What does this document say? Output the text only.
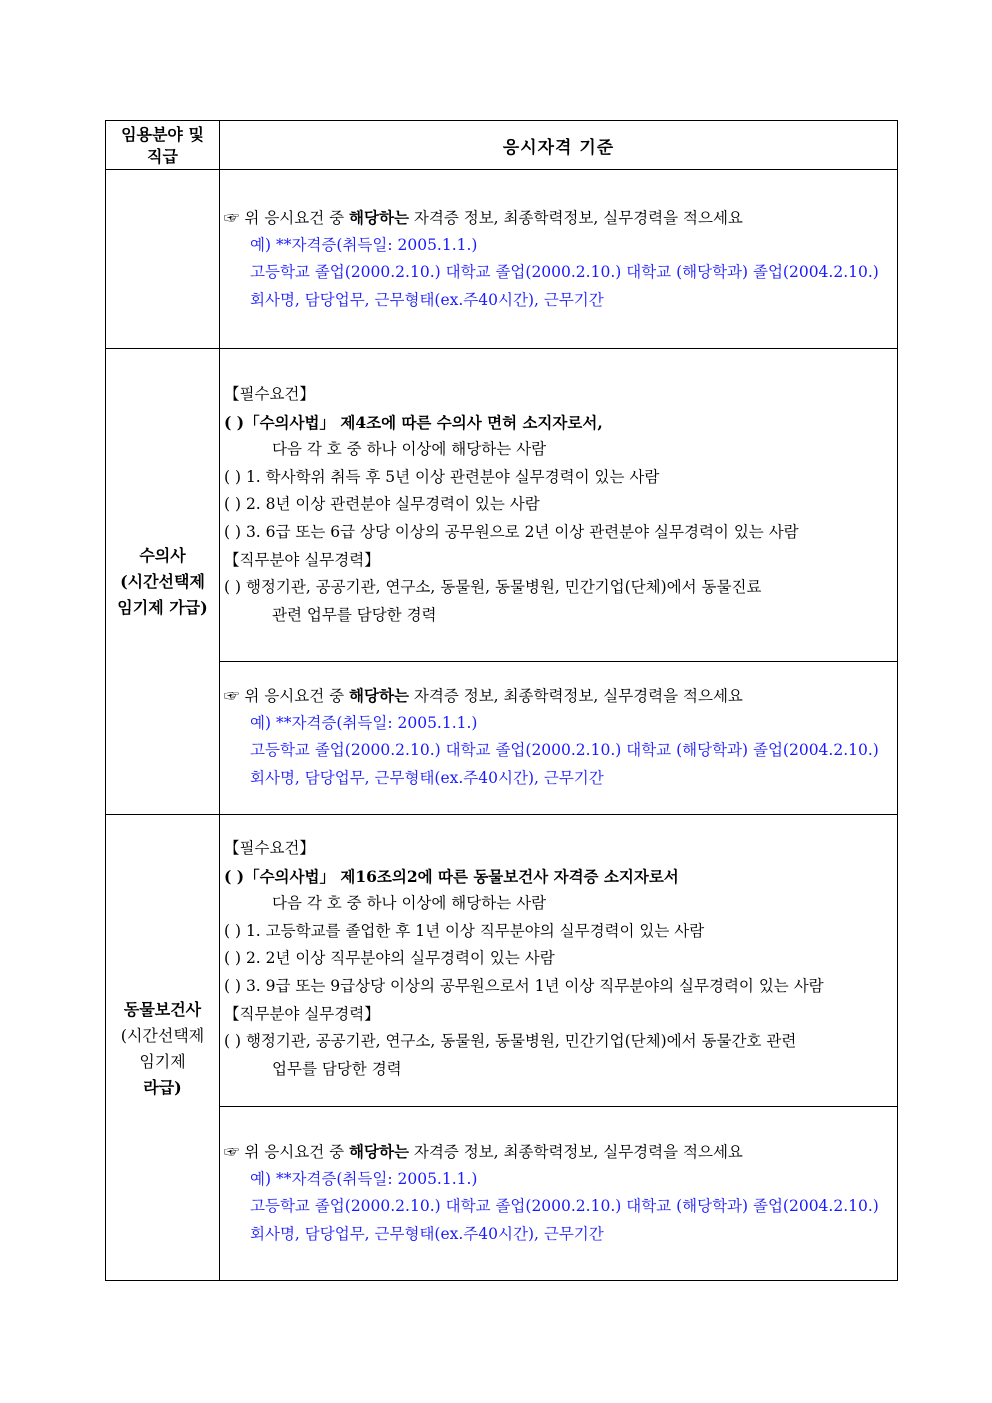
임용분야 및
직급	응시자격 기준
☞ 위 응시요건 중 해당하는 자격증 정보, 최종학력정보, 실무경력을 적으세요
예) **자격증(취득일: 2005.1.1.)
고등학교 졸업(2000.2.10.) 대학교 졸업(2000.2.10.) 대학교 (해당학과) 졸업(2004.2.10.)
회사명, 담당업무, 근무형태(ex.주40시간), 근무기간
수의사
(시간선택제
임기제 가급)
【필수요건】
( )「수의사법」 제4조에 따른 수의사 면허 소지자로서,
다음 각 호 중 하나 이상에 해당하는 사람
( ) 1. 학사학위 취득 후 5년 이상 관련분야 실무경력이 있는 사람
( ) 2. 8년 이상 관련분야 실무경력이 있는 사람
( ) 3. 6급 또는 6급 상당 이상의 공무원으로 2년 이상 관련분야 실무경력이 있는 사람
【직무분야 실무경력】
( ) 행정기관, 공공기관, 연구소, 동물원, 동물병원, 민간기업(단체)에서 동물진료
관련 업무를 담당한 경력
☞ 위 응시요건 중 해당하는 자격증 정보, 최종학력정보, 실무경력을 적으세요
예) **자격증(취득일: 2005.1.1.)
고등학교 졸업(2000.2.10.) 대학교 졸업(2000.2.10.) 대학교 (해당학과) 졸업(2004.2.10.)
회사명, 담당업무, 근무형태(ex.주40시간), 근무기간
동물보건사
(시간선택제
임기제
라급)
【필수요건】
( )「수의사법」 제16조의2에 따른 동물보건사 자격증 소지자로서
다음 각 호 중 하나 이상에 해당하는 사람
( ) 1. 고등학교를 졸업한 후 1년 이상 직무분야의 실무경력이 있는 사람
( ) 2. 2년 이상 직무분야의 실무경력이 있는 사람
( ) 3. 9급 또는 9급상당 이상의 공무원으로서 1년 이상 직무분야의 실무경력이 있는 사람
【직무분야 실무경력】
( ) 행정기관, 공공기관, 연구소, 동물원, 동물병원, 민간기업(단체)에서 동물간호 관련
업무를 담당한 경력
☞ 위 응시요건 중 해당하는 자격증 정보, 최종학력정보, 실무경력을 적으세요
예) **자격증(취득일: 2005.1.1.)
고등학교 졸업(2000.2.10.) 대학교 졸업(2000.2.10.) 대학교 (해당학과) 졸업(2004.2.10.)
회사명, 담당업무, 근무형태(ex.주40시간), 근무기간
